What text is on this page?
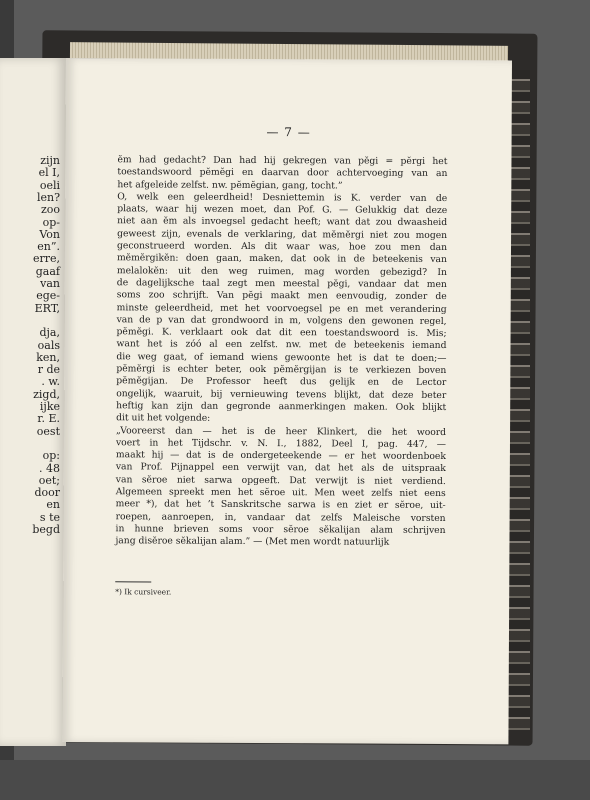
zijn
el I,
oeli
len?
zoo
op-
Von
en”.
erre,
gaaf
van
ege-
ERT,
dja,
oals
ken,
r de
. w.
zigd,
ijke
r. E.
oest
op:
. 48
oet;
door
en
s te
begd
— 7 —
ĕm had gedacht? Dan had hij gekregen van pĕgi = pĕrgi het
toestandswoord pĕmĕgi en daarvan door achtervoeging van an
het afgeleide zelfst. nw. pĕmĕgian, gang, tocht.”
O, welk een geleerdheid! Desniettemin is K. verder van de
plaats, waar hij wezen moet, dan Pof. G. — Gelukkig dat deze
niet aan ĕm als invoegsel gedacht heeft; want dat zou dwaasheid
geweest zijn, evenals de verklaring, dat mĕmĕrgi niet zou mogen
geconstrueerd worden. Als dit waar was, hoe zou men dan
mĕmĕrgikĕn: doen gaan, maken, dat ook in de beteekenis van
melalokĕn: uit den weg ruimen, mag worden gebezigd? In
de dagelijksche taal zegt men meestal pĕgi, vandaar dat men
soms zoo schrijft. Van pĕgi maakt men eenvoudig, zonder de
minste geleerdheid, met het voorvoegsel pe en met verandering
van de p van dat grondwoord in m, volgens den gewonen regel,
pĕmĕgi. K. verklaart ook dat dit een toestandswoord is. Mis;
want het is zóó al een zelfst. nw. met de beteekenis iemand
die weg gaat, of iemand wiens gewoonte het is dat te doen;—
pĕmĕrgi is echter beter, ook pĕmĕrgijan is te verkiezen boven
pĕmĕgijan. De Professor heeft dus gelijk en de Lector
ongelijk, waaruit, bij vernieuwing tevens blijkt, dat deze beter
heftig kan zijn dan gegronde aanmerkingen maken. Ook blijkt
dit uit het volgende:
„Vooreerst dan — het is de heer Klinkert, die het woord
voert in het Tijdschr. v. N. I., 1882, Deel I, pag. 447, —
maakt hij — dat is de ondergeteekende — er het woordenboek
van Prof. Pijnappel een verwijt van, dat het als de uitspraak
van sĕroe niet sarwa opgeeft. Dat verwijt is niet verdiend.
Algemeen spreekt men het sĕroe uit. Men weet zelfs niet eens
meer *), dat het ’t Sanskritsche sarwa is en ziet er sĕroe, uit-
roepen, aanroepen, in, vandaar dat zelfs Maleische vorsten
in hunne brieven soms voor sĕroe sĕkalijan alam schrijven
jang disĕroe sĕkalijan alam.” — (Met men wordt natuurlijk
*) Ik cursiveer.
